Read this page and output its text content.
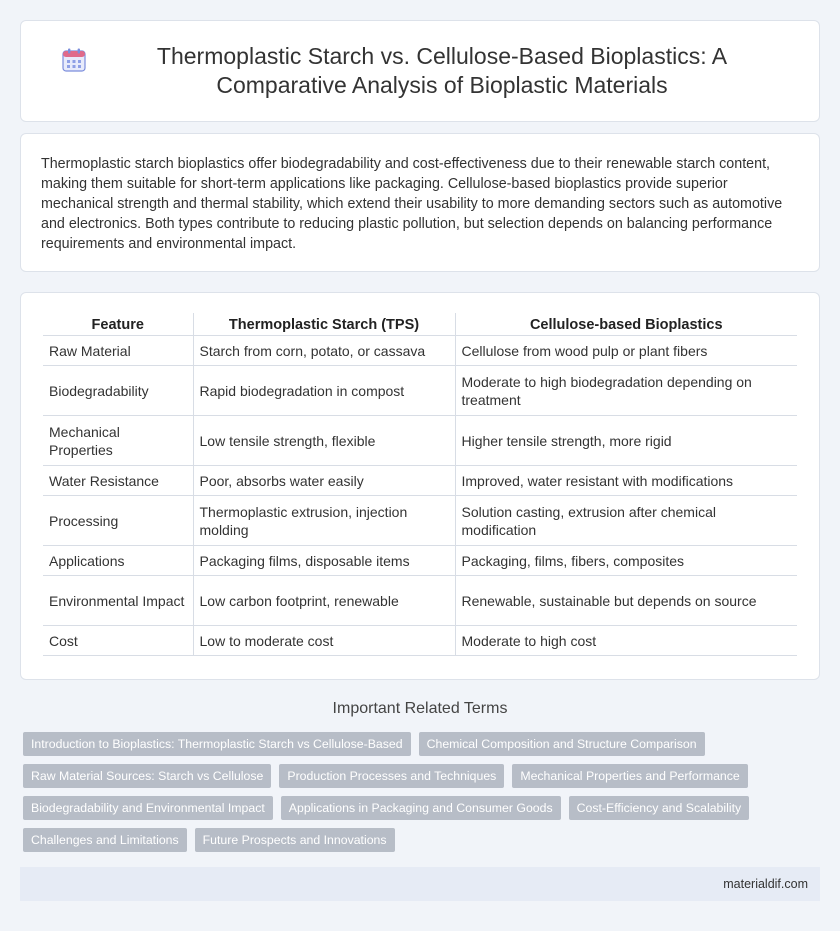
Thermoplastic Starch vs. Cellulose-Based Bioplastics: A Comparative Analysis of Bioplastic Materials

Thermoplastic starch bioplastics offer biodegradability and cost-effectiveness due to their renewable starch content, making them suitable for short-term applications like packaging. Cellulose-based bioplastics provide superior mechanical strength and thermal stability, which extend their usability to more demanding sectors such as automotive and electronics. Both types contribute to reducing plastic pollution, but selection depends on balancing performance requirements and environmental impact.

Feature	Thermoplastic Starch (TPS)	Cellulose-based Bioplastics
Raw Material	Starch from corn, potato, or cassava	Cellulose from wood pulp or plant fibers
Biodegradability	Rapid biodegradation in compost	Moderate to high biodegradation depending on treatment
Mechanical Properties	Low tensile strength, flexible	Higher tensile strength, more rigid
Water Resistance	Poor, absorbs water easily	Improved, water resistant with modifications
Processing	Thermoplastic extrusion, injection molding	Solution casting, extrusion after chemical modification
Applications	Packaging films, disposable items	Packaging, films, fibers, composites
Environmental Impact	Low carbon footprint, renewable	Renewable, sustainable but depends on source
Cost	Low to moderate cost	Moderate to high cost
Important Related Terms
Introduction to Bioplastics: Thermoplastic Starch vs Cellulose-Based	Chemical Composition and Structure Comparison
Raw Material Sources: Starch vs Cellulose	Production Processes and Techniques	Mechanical Properties and Performance
Biodegradability and Environmental Impact	Applications in Packaging and Consumer Goods	Cost-Efficiency and Scalability
Challenges and Limitations	Future Prospects and Innovations
materialdif.com
